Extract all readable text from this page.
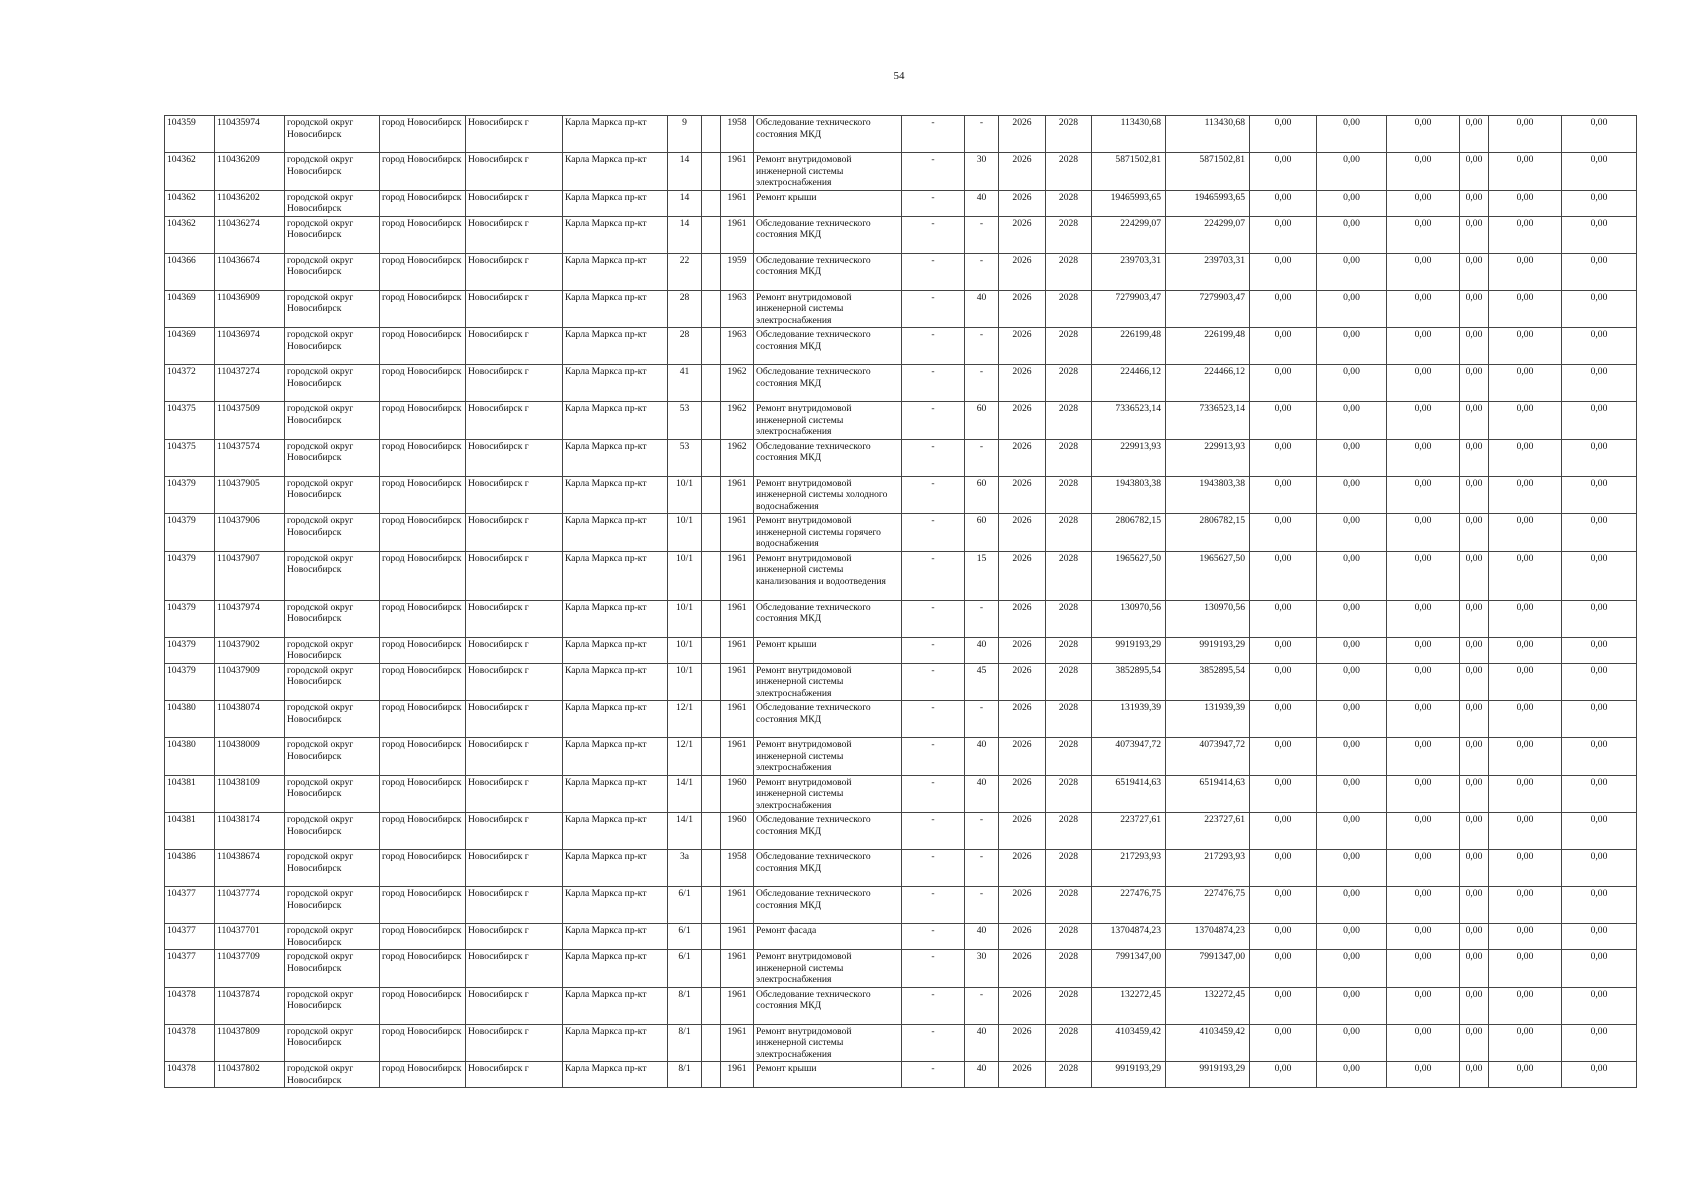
54
104359	110435974	городской округ Новосибирск	город Новосибирск	Новосибирск г	Карла Маркса пр-кт	9		1958	Обследование технического состояния МКД	-	-	2026	2028	113430,68	113430,68	0,00	0,00	0,00	0,00	0,00	0,00
104362	110436209	городской округ Новосибирск	город Новосибирск	Новосибирск г	Карла Маркса пр-кт	14		1961	Ремонт внутридомовой инженерной системы электроснабжения	-	30	2026	2028	5871502,81	5871502,81	0,00	0,00	0,00	0,00	0,00	0,00
104362	110436202	городской округ Новосибирск	город Новосибирск	Новосибирск г	Карла Маркса пр-кт	14		1961	Ремонт крыши	-	40	2026	2028	19465993,65	19465993,65	0,00	0,00	0,00	0,00	0,00	0,00
104362	110436274	городской округ Новосибирск	город Новосибирск	Новосибирск г	Карла Маркса пр-кт	14		1961	Обследование технического состояния МКД	-	-	2026	2028	224299,07	224299,07	0,00	0,00	0,00	0,00	0,00	0,00
104366	110436674	городской округ Новосибирск	город Новосибирск	Новосибирск г	Карла Маркса пр-кт	22		1959	Обследование технического состояния МКД	-	-	2026	2028	239703,31	239703,31	0,00	0,00	0,00	0,00	0,00	0,00
104369	110436909	городской округ Новосибирск	город Новосибирск	Новосибирск г	Карла Маркса пр-кт	28		1963	Ремонт внутридомовой инженерной системы электроснабжения	-	40	2026	2028	7279903,47	7279903,47	0,00	0,00	0,00	0,00	0,00	0,00
104369	110436974	городской округ Новосибирск	город Новосибирск	Новосибирск г	Карла Маркса пр-кт	28		1963	Обследование технического состояния МКД	-	-	2026	2028	226199,48	226199,48	0,00	0,00	0,00	0,00	0,00	0,00
104372	110437274	городской округ Новосибирск	город Новосибирск	Новосибирск г	Карла Маркса пр-кт	41		1962	Обследование технического состояния МКД	-	-	2026	2028	224466,12	224466,12	0,00	0,00	0,00	0,00	0,00	0,00
104375	110437509	городской округ Новосибирск	город Новосибирск	Новосибирск г	Карла Маркса пр-кт	53		1962	Ремонт внутридомовой инженерной системы электроснабжения	-	60	2026	2028	7336523,14	7336523,14	0,00	0,00	0,00	0,00	0,00	0,00
104375	110437574	городской округ Новосибирск	город Новосибирск	Новосибирск г	Карла Маркса пр-кт	53		1962	Обследование технического состояния МКД	-	-	2026	2028	229913,93	229913,93	0,00	0,00	0,00	0,00	0,00	0,00
104379	110437905	городской округ Новосибирск	город Новосибирск	Новосибирск г	Карла Маркса пр-кт	10/1		1961	Ремонт внутридомовой инженерной системы холодного водоснабжения	-	60	2026	2028	1943803,38	1943803,38	0,00	0,00	0,00	0,00	0,00	0,00
104379	110437906	городской округ Новосибирск	город Новосибирск	Новосибирск г	Карла Маркса пр-кт	10/1		1961	Ремонт внутридомовой инженерной системы горячего водоснабжения	-	60	2026	2028	2806782,15	2806782,15	0,00	0,00	0,00	0,00	0,00	0,00
104379	110437907	городской округ Новосибирск	город Новосибирск	Новосибирск г	Карла Маркса пр-кт	10/1		1961	Ремонт внутридомовой инженерной системы канализования и водоотведения	-	15	2026	2028	1965627,50	1965627,50	0,00	0,00	0,00	0,00	0,00	0,00
104379	110437974	городской округ Новосибирск	город Новосибирск	Новосибирск г	Карла Маркса пр-кт	10/1		1961	Обследование технического состояния МКД	-	-	2026	2028	130970,56	130970,56	0,00	0,00	0,00	0,00	0,00	0,00
104379	110437902	городской округ Новосибирск	город Новосибирск	Новосибирск г	Карла Маркса пр-кт	10/1		1961	Ремонт крыши	-	40	2026	2028	9919193,29	9919193,29	0,00	0,00	0,00	0,00	0,00	0,00
104379	110437909	городской округ Новосибирск	город Новосибирск	Новосибирск г	Карла Маркса пр-кт	10/1		1961	Ремонт внутридомовой инженерной системы электроснабжения	-	45	2026	2028	3852895,54	3852895,54	0,00	0,00	0,00	0,00	0,00	0,00
104380	110438074	городской округ Новосибирск	город Новосибирск	Новосибирск г	Карла Маркса пр-кт	12/1		1961	Обследование технического состояния МКД	-	-	2026	2028	131939,39	131939,39	0,00	0,00	0,00	0,00	0,00	0,00
104380	110438009	городской округ Новосибирск	город Новосибирск	Новосибирск г	Карла Маркса пр-кт	12/1		1961	Ремонт внутридомовой инженерной системы электроснабжения	-	40	2026	2028	4073947,72	4073947,72	0,00	0,00	0,00	0,00	0,00	0,00
104381	110438109	городской округ Новосибирск	город Новосибирск	Новосибирск г	Карла Маркса пр-кт	14/1		1960	Ремонт внутридомовой инженерной системы электроснабжения	-	40	2026	2028	6519414,63	6519414,63	0,00	0,00	0,00	0,00	0,00	0,00
104381	110438174	городской округ Новосибирск	город Новосибирск	Новосибирск г	Карла Маркса пр-кт	14/1		1960	Обследование технического состояния МКД	-	-	2026	2028	223727,61	223727,61	0,00	0,00	0,00	0,00	0,00	0,00
104386	110438674	городской округ Новосибирск	город Новосибирск	Новосибирск г	Карла Маркса пр-кт	3а		1958	Обследование технического состояния МКД	-	-	2026	2028	217293,93	217293,93	0,00	0,00	0,00	0,00	0,00	0,00
104377	110437774	городской округ Новосибирск	город Новосибирск	Новосибирск г	Карла Маркса пр-кт	6/1		1961	Обследование технического состояния МКД	-	-	2026	2028	227476,75	227476,75	0,00	0,00	0,00	0,00	0,00	0,00
104377	110437701	городской округ Новосибирск	город Новосибирск	Новосибирск г	Карла Маркса пр-кт	6/1		1961	Ремонт фасада	-	40	2026	2028	13704874,23	13704874,23	0,00	0,00	0,00	0,00	0,00	0,00
104377	110437709	городской округ Новосибирск	город Новосибирск	Новосибирск г	Карла Маркса пр-кт	6/1		1961	Ремонт внутридомовой инженерной системы электроснабжения	-	30	2026	2028	7991347,00	7991347,00	0,00	0,00	0,00	0,00	0,00	0,00
104378	110437874	городской округ Новосибирск	город Новосибирск	Новосибирск г	Карла Маркса пр-кт	8/1		1961	Обследование технического состояния МКД	-	-	2026	2028	132272,45	132272,45	0,00	0,00	0,00	0,00	0,00	0,00
104378	110437809	городской округ Новосибирск	город Новосибирск	Новосибирск г	Карла Маркса пр-кт	8/1		1961	Ремонт внутридомовой инженерной системы электроснабжения	-	40	2026	2028	4103459,42	4103459,42	0,00	0,00	0,00	0,00	0,00	0,00
104378	110437802	городской округ Новосибирск	город Новосибирск	Новосибирск г	Карла Маркса пр-кт	8/1		1961	Ремонт крыши	-	40	2026	2028	9919193,29	9919193,29	0,00	0,00	0,00	0,00	0,00	0,00
